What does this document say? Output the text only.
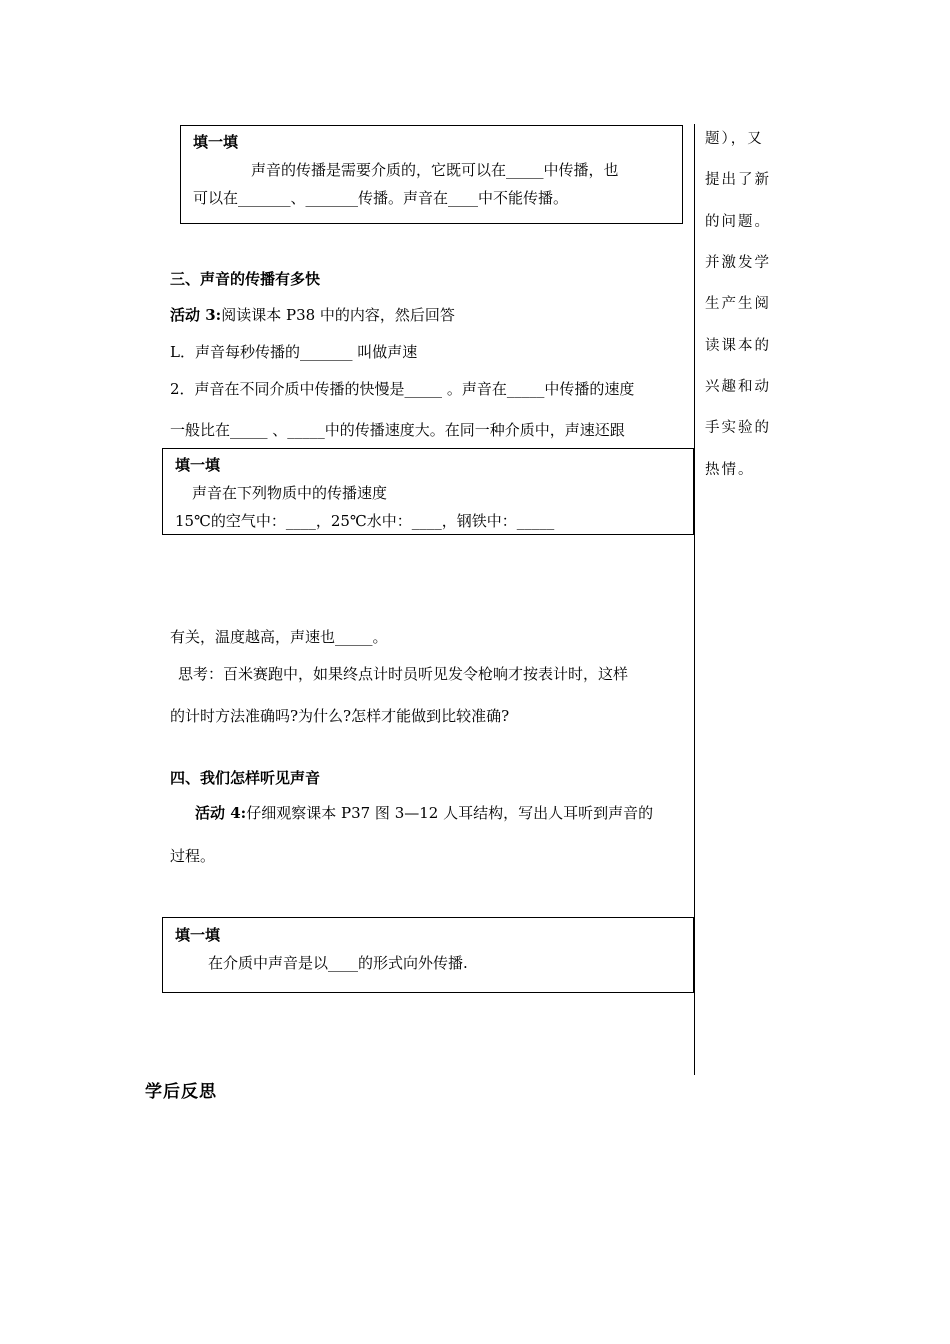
填一填
声音的传播是需要介质的，它既可以在_____中传播，也
可以在_______、_______传播。声音在____中不能传播。
三、声音的传播有多快
活动 3:阅读课本 P38 中的内容，然后回答
L．声音每秒传播的_______ 叫做声速
2．声音在不同介质中传播的快慢是_____ 。声音在_____中传播的速度
一般比在_____ 、_____中的传播速度大。在同一种介质中，声速还跟
填一填
声音在下列物质中的传播速度
15℃的空气中：____，25℃水中：____，钢铁中：_____
有关，温度越高，声速也_____。
思考：百米赛跑中，如果终点计时员听见发令枪响才按表计时，这样
的计时方法准确吗?为什么?怎样才能做到比较准确?
四、我们怎样听见声音
活动 4:仔细观察课本 P37 图 3—12 人耳结构，写出人耳听到声音的
过程。
填一填
在介质中声音是以____的形式向外传播.
题），又
提出了新
的问题。
并激发学
生产生阅
读课本的
兴趣和动
手实验的
热情。
学后反思
